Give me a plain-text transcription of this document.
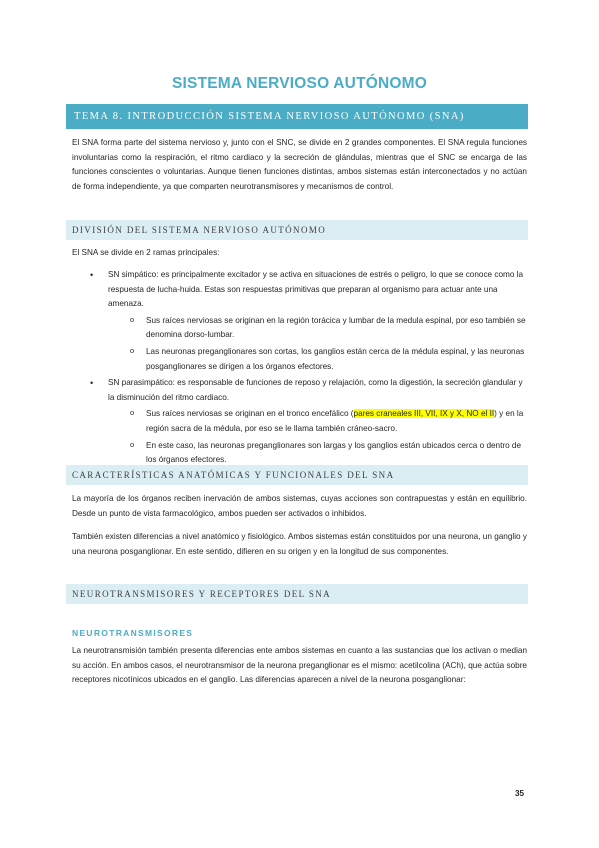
SISTEMA NERVIOSO AUTÓNOMO
TEMA 8. INTRODUCCIÓN SISTEMA NERVIOSO AUTÓNOMO (SNA)
El SNA forma parte del sistema nervioso y, junto con el SNC, se divide en 2 grandes componentes. El SNA regula funciones involuntarias como la respiración, el ritmo cardiaco y la secreción de glándulas, mientras que el SNC se encarga de las funciones conscientes o voluntarias. Aunque tienen funciones distintas, ambos sistemas están interconectados y no actúan de forma independiente, ya que comparten neurotransmisores y mecanismos de control.
DIVISIÓN DEL SISTEMA NERVIOSO AUTÓNOMO
El SNA se divide en 2 ramas principales:
• SN simpático: es principalmente excitador y se activa en situaciones de estrés o peligro, lo que se conoce como la respuesta de lucha-huida. Estas son respuestas primitivas que preparan al organismo para actuar ante una amenaza.
o Sus raíces nerviosas se originan en la región torácica y lumbar de la medula espinal, por eso también se denomina dorso-lumbar.
o Las neuronas preganglionares son cortas, los ganglios están cerca de la médula espinal, y las neuronas posganglionares se dirigen a los órganos efectores.
• SN parasimpático: es responsable de funciones de reposo y relajación, como la digestión, la secreción glandular y la disminución del ritmo cardiaco.
o Sus raíces nerviosas se originan en el tronco encefálico (pares craneales III, VII, IX y X, NO el II) y en la región sacra de la médula, por eso se le llama también cráneo-sacro.
o En este caso, las neuronas preganglionares son largas y los ganglios están ubicados cerca o dentro de los órganos efectores.
CARACTERÍSTICAS ANATÓMICAS Y FUNCIONALES DEL SNA
La mayoría de los órganos reciben inervación de ambos sistemas, cuyas acciones son contrapuestas y están en equilibrio. Desde un punto de vista farmacológico, ambos pueden ser activados o inhibidos.
También existen diferencias a nivel anatómico y fisiológico. Ambos sistemas están constituidos por una neurona, un ganglio y una neurona posganglionar. En este sentido, difieren en su origen y en la longitud de sus componentes.
NEUROTRANSMISORES Y RECEPTORES DEL SNA
NEUROTRANSMISORES
La neurotransmisión también presenta diferencias ente ambos sistemas en cuanto a las sustancias que los activan o median su acción. En ambos casos, el neurotransmisor de la neurona preganglionar es el mismo: acetilcolina (ACh), que actúa sobre receptores nicotínicos ubicados en el ganglio. Las diferencias aparecen a nivel de la neurona posganglionar:
35
